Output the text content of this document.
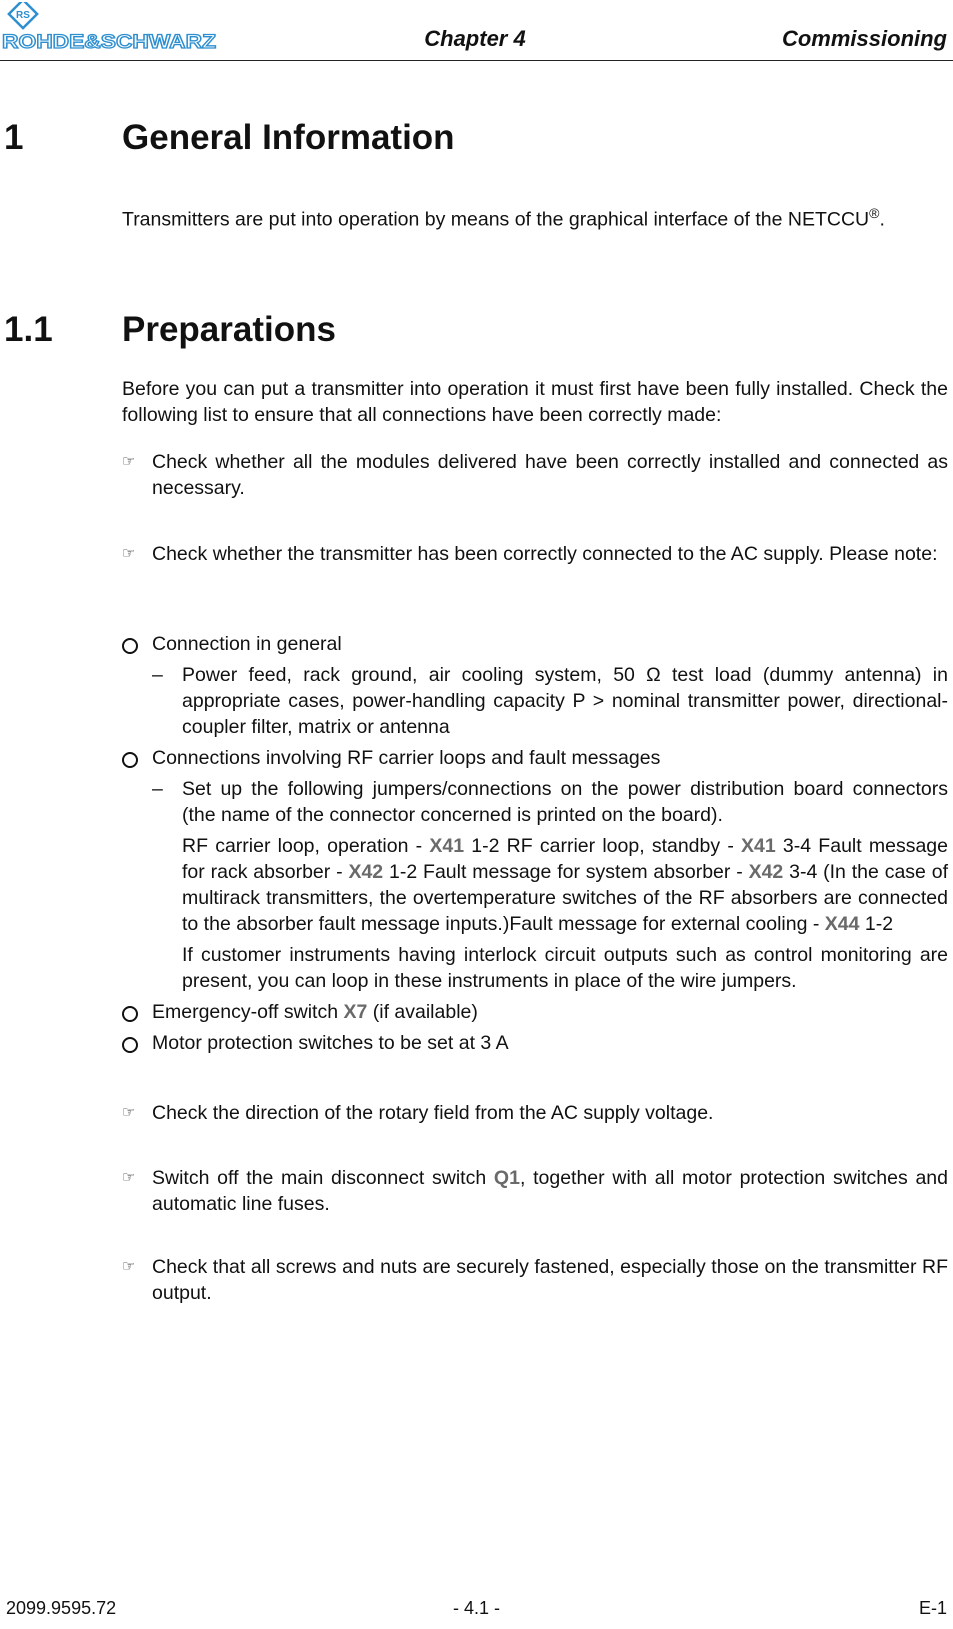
RS
ROHDE&SCHWARZ	Chapter 4	Commissioning
1	General Information

Transmitters are put into operation by means of the graphical interface of the NETCCU®.

1.1 Preparations

Before you can put a transmitter into operation it must first have been fully installed. Check the following list to ensure that all connections have been correctly made:

☞ Check whether all the modules delivered have been correctly installed and connected as necessary.
☞ Check whether the transmitter has been correctly connected to the AC supply. Please note:
Connection in general
– Power feed, rack ground, air cooling system, 50 Ω test load (dummy antenna) in appropriate cases, power-handling capacity P > nominal transmitter power, directional-coupler filter, matrix or antenna
Connections involving RF carrier loops and fault messages
– Set up the following jumpers/connections on the power distribution board connectors (the name of the connector concerned is printed on the board).
RF carrier loop, operation - X41 1-2 RF carrier loop, standby - X41 3-4 Fault message for rack absorber - X42 1-2 Fault message for system absorber - X42 3-4 (In the case of multirack transmitters, the overtemperature switches of the RF absorbers are connected to the absorber fault message inputs.)Fault message for external cooling - X44 1-2
If customer instruments having interlock circuit outputs such as control monitoring are present, you can loop in these instruments in place of the wire jumpers.
Emergency-off switch X7 (if available)
Motor protection switches to be set at 3 A
☞ Check the direction of the rotary field from the AC supply voltage.
☞ Switch off the main disconnect switch Q1, together with all motor protection switches and automatic line fuses.
☞ Check that all screws and nuts are securely fastened, especially those on the transmitter RF output.
2099.9595.72	- 4.1 -	E-1
